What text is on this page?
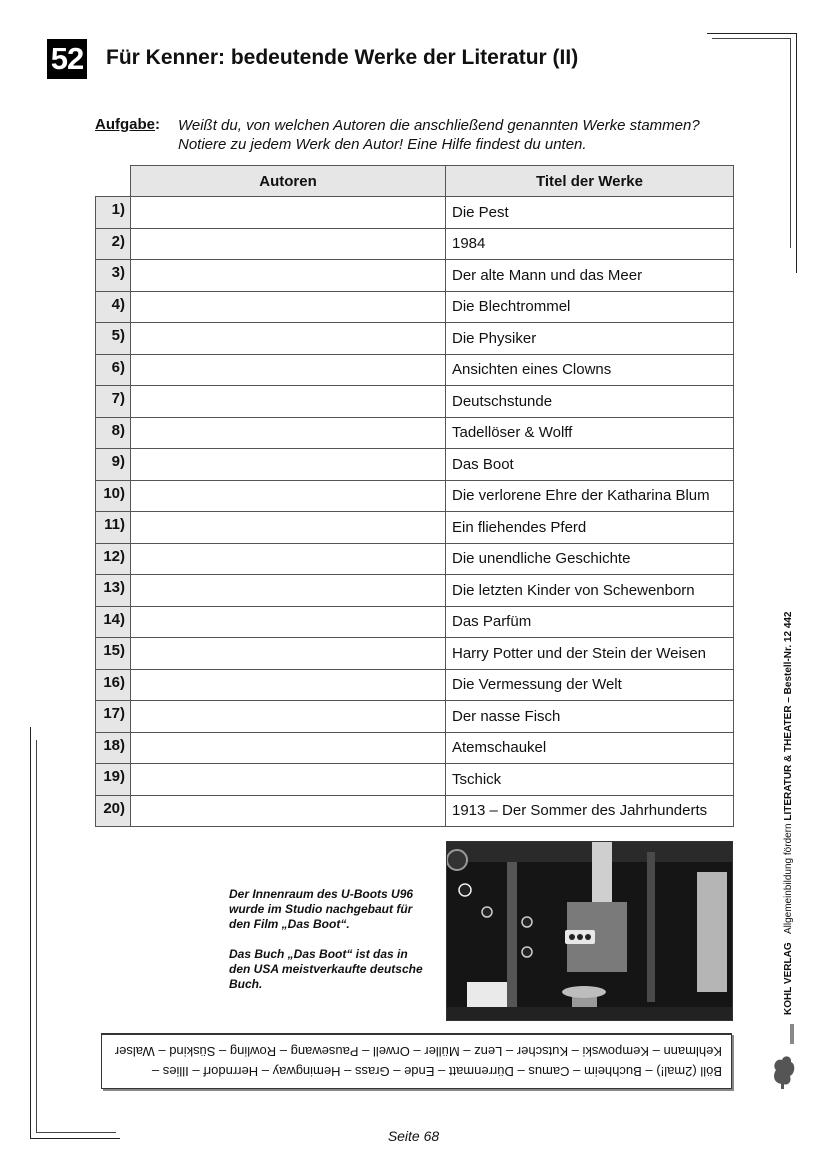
52 Für Kenner: bedeutende Werke der Literatur (II)
Aufgabe: Weißt du, von welchen Autoren die anschließend genannten Werke stammen? Notiere zu jedem Werk den Autor! Eine Hilfe findest du unten.
	Autoren	Titel der Werke
1)		Die Pest
2)		1984
3)		Der alte Mann und das Meer
4)		Die Blechtrommel
5)		Die Physiker
6)		Ansichten eines Clowns
7)		Deutschstunde
8)		Tadellöser & Wolff
9)		Das Boot
10)		Die verlorene Ehre der Katharina Blum
11)		Ein fliehendes Pferd
12)		Die unendliche Geschichte
13)		Die letzten Kinder von Schewenborn
14)		Das Parfüm
15)		Harry Potter und der Stein der Weisen
16)		Die Vermessung der Welt
17)		Der nasse Fisch
18)		Atemschaukel
19)		Tschick
20)		1913 – Der Sommer des Jahrhunderts

Der Innenraum des U-Boots U96 wurde im Studio nachgebaut für den Film „Das Boot“.

Das Buch „Das Boot“ ist das in den USA meistverkaufte deutsche Buch.

Böll (2mal!) – Buchheim – Camus – Dürrenmatt – Ende – Grass – Hemingway – Herrndorf – Illies –
Kehlmann – Kempowski – Kutscher – Lenz – Müller – Orwell – Pausewang – Rowling – Süskind – Walser
KOHL VERLAG   Allgemeinbildung fördern LITERATUR & THEATER – Bestell-Nr. 12 442
Seite 68
